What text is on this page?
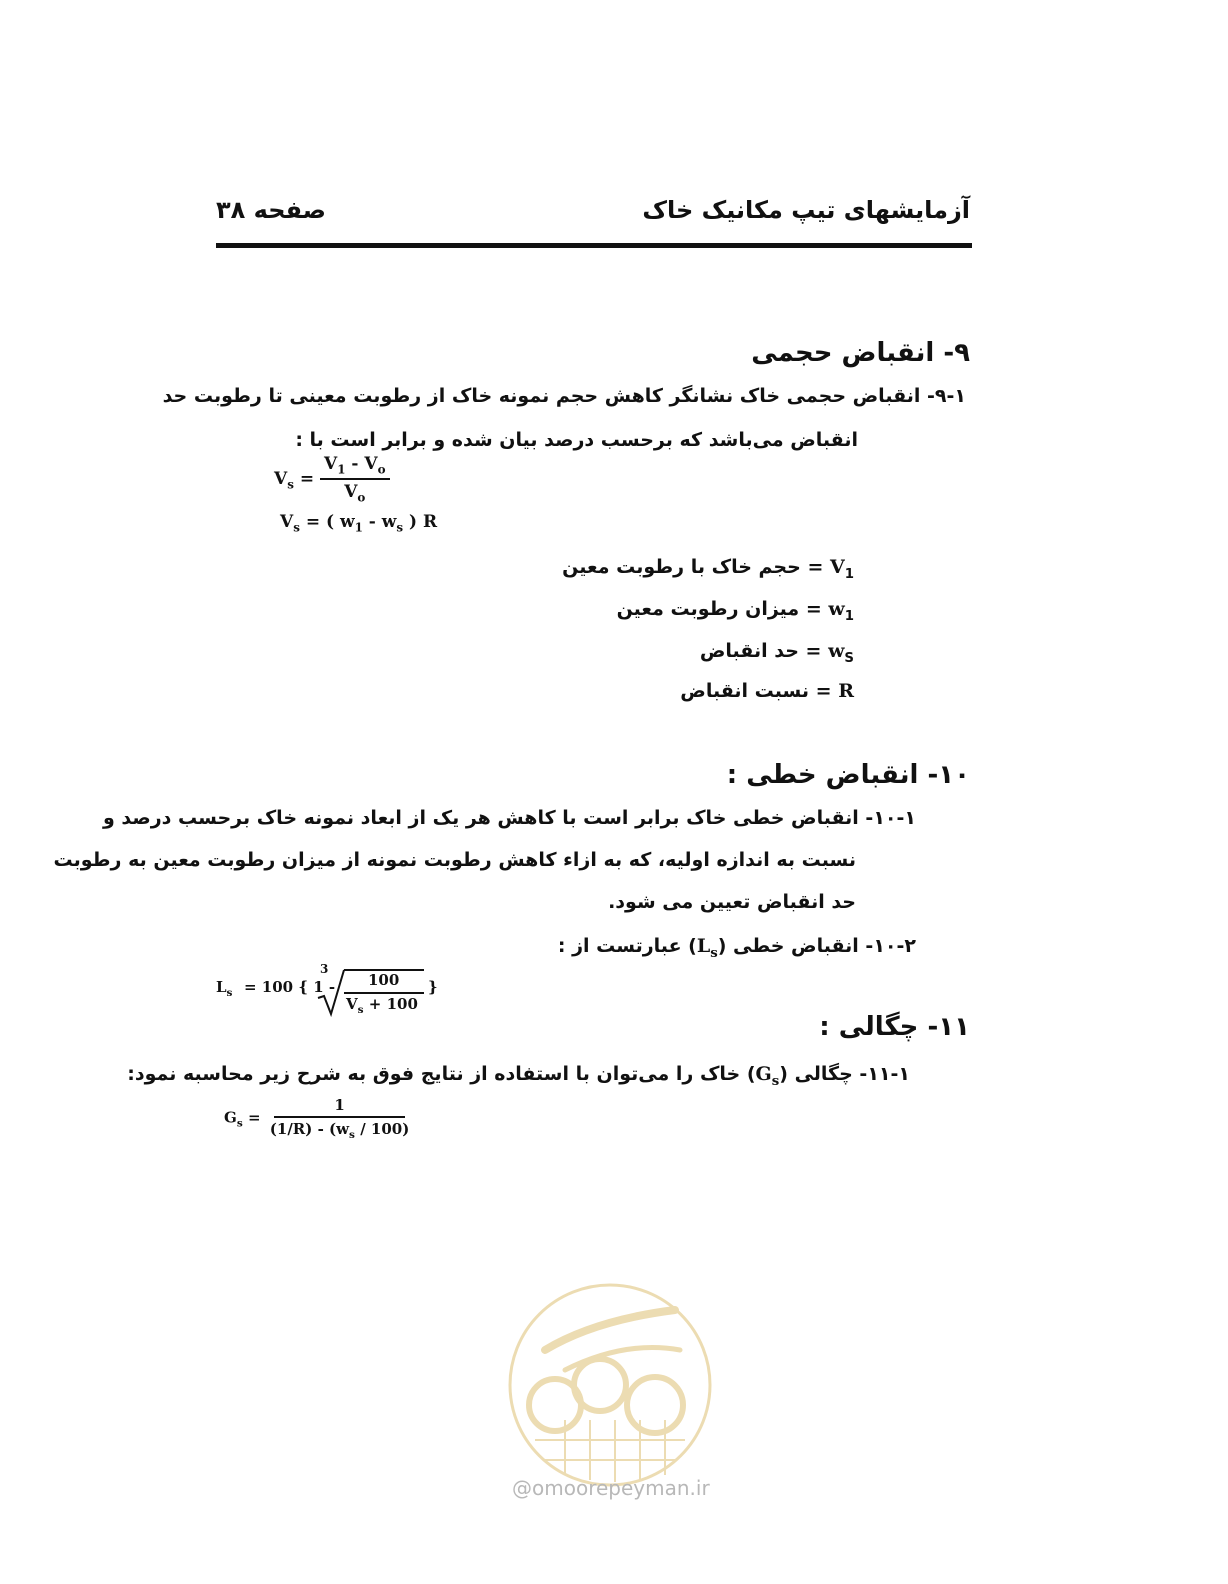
آزمایشهای تیپ مکانیک خاک
صفحه ۳۸
۹- انقباض حجمی
۹-۱- انقباض حجمی خاک نشانگر کاهش حجم نمونه خاک از رطوبت معینی تا رطوبت حد
انقباض می‌باشد که برحسب درصد بیان شده و برابر است با :
$V_s = \frac{V_1 - V_o}{V_o}$
$V_s$ = ( $w_1 - w_s$ ) R
حجم خاک با رطوبت معین = $V_1$
میزان رطوبت معین = $w_1$
حد انقباض = $w_S$
نسبت انقباض = R
۱۰- انقباض خطی :
۱۰-۱- انقباض خطی خاک برابر است با کاهش هر یک از ابعاد نمونه خاک برحسب درصد و
نسبت به اندازه اولیه، که به ازاء کاهش رطوبت نمونه از میزان رطوبت معین به رطوبت
حد انقباض تعیین می شود.
۱۰-۲- انقباض خطی $(L_s)$ عبارتست از :
$L_s = 100$ { 1 -
3
100
$V_s + 100$
}
۱۱- چگالی :
۱۱-۱- چگالی $(G_s)$ خاک را می‌توان با استفاده از نتایج فوق به شرح زیر محاسبه نمود:
$G_s = \frac{1}{(1/R) - (w_s / 100)}$
@omoorepeyman.ir
